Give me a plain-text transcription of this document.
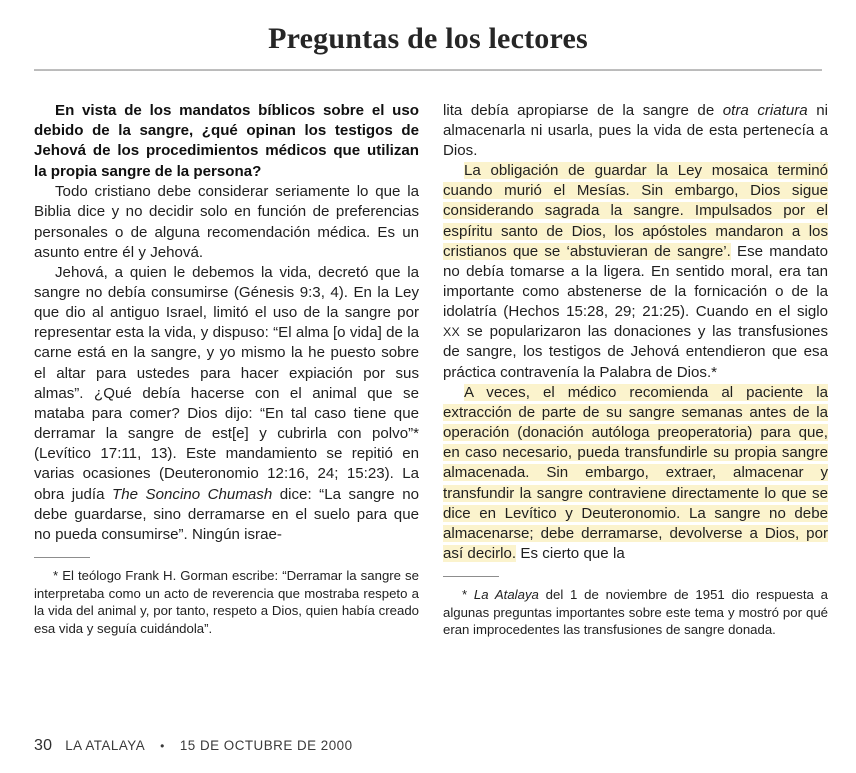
Preguntas de los lectores

En vista de los mandatos bíblicos sobre el uso debido de la sangre, ¿qué opinan los testigos de Jehová de los procedimientos médicos que utilizan la propia sangre de la persona?

Todo cristiano debe considerar seriamente lo que la Biblia dice y no decidir solo en función de preferencias personales o de alguna recomendación médica. Es un asunto entre él y Jehová.

Jehová, a quien le debemos la vida, decretó que la sangre no debía consumirse (Génesis 9:3, 4). En la Ley que dio al antiguo Israel, limitó el uso de la sangre por representar esta la vida, y dispuso: “El alma [o vida] de la carne está en la sangre, y yo mismo la he puesto sobre el altar para ustedes para hacer expiación por sus almas”. ¿Qué debía hacerse con el animal que se mataba para comer? Dios dijo: “En tal caso tiene que derramar la sangre de est[e] y cubrirla con polvo”* (Levítico 17:11, 13). Este mandamiento se repitió en varias ocasiones (Deuteronomio 12:16, 24; 15:23). La obra judía The Soncino Chumash dice: “La sangre no debe guardarse, sino derramarse en el suelo para que no pueda consumirse”. Ningún israe-

* El teólogo Frank H. Gorman escribe: “Derramar la sangre se interpretaba como un acto de reverencia que mostraba respeto a la vida del animal y, por tanto, respeto a Dios, quien había creado esa vida y seguía cuidándola”.

lita debía apropiarse de la sangre de otra criatura ni almacenarla ni usarla, pues la vida de esta pertenecía a Dios.

La obligación de guardar la Ley mosaica terminó cuando murió el Mesías. Sin embargo, Dios sigue considerando sagrada la sangre. Impulsados por el espíritu santo de Dios, los apóstoles mandaron a los cristianos que se ‘abstuvieran de sangre’. Ese mandato no debía tomarse a la ligera. En sentido moral, era tan importante como abstenerse de la fornicación o de la idolatría (Hechos 15:28, 29; 21:25). Cuando en el siglo XX se popularizaron las donaciones y las transfusiones de sangre, los testigos de Jehová entendieron que esa práctica contravenía la Palabra de Dios.*

A veces, el médico recomienda al paciente la extracción de parte de su sangre semanas antes de la operación (donación autóloga preoperatoria) para que, en caso necesario, pueda transfundirle su propia sangre almacenada. Sin embargo, extraer, almacenar y transfundir la sangre contraviene directamente lo que se dice en Levítico y Deuteronomio. La sangre no debe almacenarse; debe derramarse, devolverse a Dios, por así decirlo. Es cierto que la

* La Atalaya del 1 de noviembre de 1951 dio respuesta a algunas preguntas importantes sobre este tema y mostró por qué eran improcedentes las transfusiones de sangre donada.

30 LA ATALAYA • 15 DE OCTUBRE DE 2000
